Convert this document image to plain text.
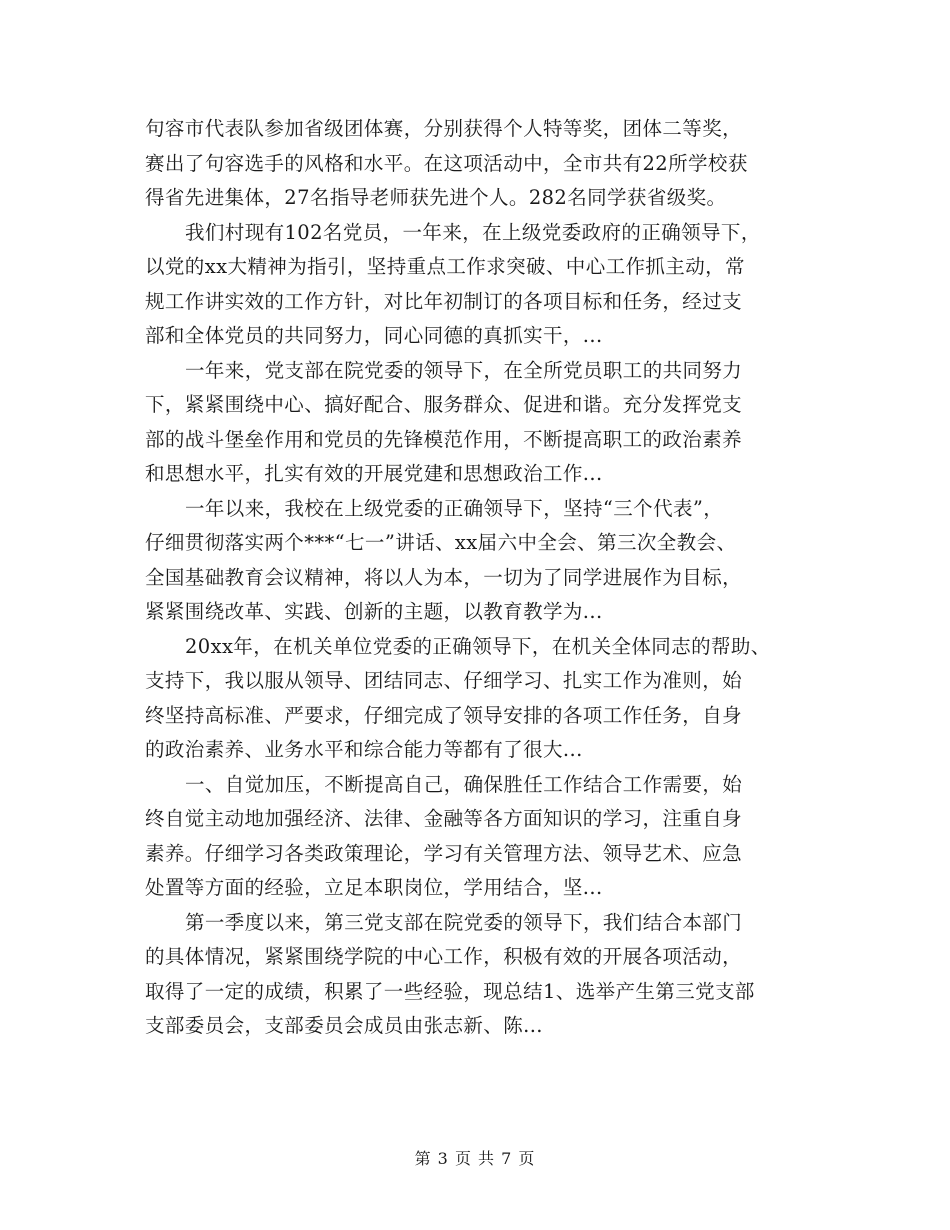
句容市代表队参加省级团体赛，分别获得个人特等奖，团体二等奖，
赛出了句容选手的风格和水平。在这项活动中，全市共有22所学校获
得省先进集体，27名指导老师获先进个人。282名同学获省级奖。
我们村现有102名党员，一年来，在上级党委政府的正确领导下，
以党的xx大精神为指引，坚持重点工作求突破、中心工作抓主动，常
规工作讲实效的工作方针，对比年初制订的各项目标和任务，经过支
部和全体党员的共同努力，同心同德的真抓实干，...
一年来，党支部在院党委的领导下，在全所党员职工的共同努力
下，紧紧围绕中心、搞好配合、服务群众、促进和谐。充分发挥党支
部的战斗堡垒作用和党员的先锋模范作用，不断提高职工的政治素养
和思想水平，扎实有效的开展党建和思想政治工作...
一年以来，我校在上级党委的正确领导下，坚持“三个代表”，
仔细贯彻落实两个***“七一”讲话、xx届六中全会、第三次全教会、
全国基础教育会议精神，将以人为本，一切为了同学进展作为目标，
紧紧围绕改革、实践、创新的主题，以教育教学为...
20xx年，在机关单位党委的正确领导下，在机关全体同志的帮助、
支持下，我以服从领导、团结同志、仔细学习、扎实工作为准则，始
终坚持高标准、严要求，仔细完成了领导安排的各项工作任务，自身
的政治素养、业务水平和综合能力等都有了很大...
一、自觉加压，不断提高自己，确保胜任工作结合工作需要，始
终自觉主动地加强经济、法律、金融等各方面知识的学习，注重自身
素养。仔细学习各类政策理论，学习有关管理方法、领导艺术、应急
处置等方面的经验，立足本职岗位，学用结合，坚...
第一季度以来，第三党支部在院党委的领导下，我们结合本部门
的具体情况，紧紧围绕学院的中心工作，积极有效的开展各项活动，
取得了一定的成绩，积累了一些经验，现总结1、选举产生第三党支部
支部委员会，支部委员会成员由张志新、陈...
第 3 页 共 7 页
